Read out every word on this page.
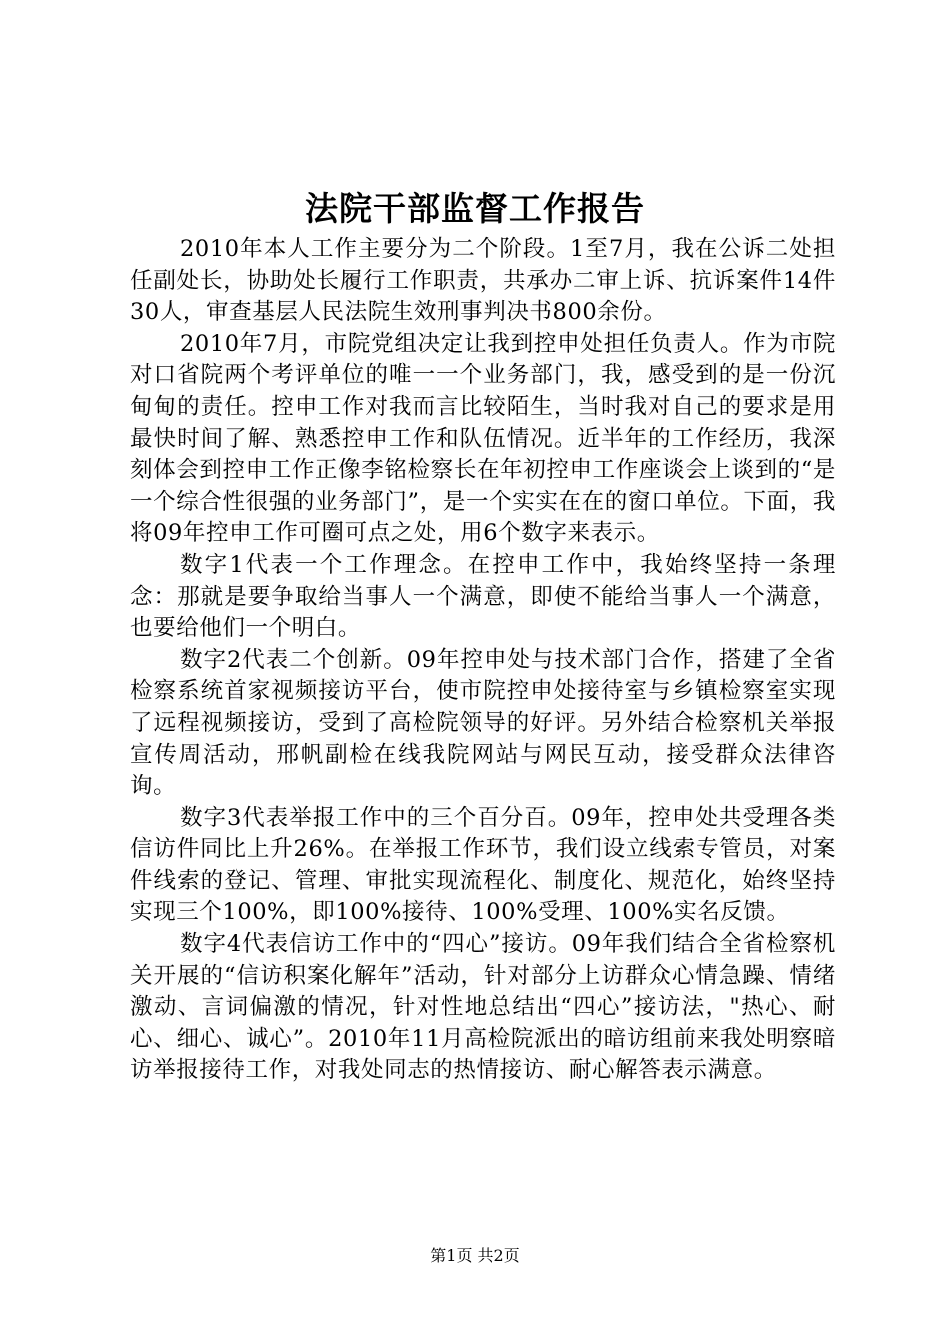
法院干部监督工作报告

2010年本人工作主要分为二个阶段。1至7月，我在公诉二处担任副处长，协助处长履行工作职责，共承办二审上诉、抗诉案件14件30人，审查基层人民法院生效刑事判决书800余份。

2010年7月，市院党组决定让我到控申处担任负责人。作为市院对口省院两个考评单位的唯一一个业务部门，我，感受到的是一份沉甸甸的责任。控申工作对我而言比较陌生，当时我对自己的要求是用最快时间了解、熟悉控申工作和队伍情况。近半年的工作经历，我深刻体会到控申工作正像李铭检察长在年初控申工作座谈会上谈到的“是一个综合性很强的业务部门”，是一个实实在在的窗口单位。下面，我将09年控申工作可圈可点之处，用6个数字来表示。

数字1代表一个工作理念。在控申工作中，我始终坚持一条理念：那就是要争取给当事人一个满意，即使不能给当事人一个满意，也要给他们一个明白。

数字2代表二个创新。09年控申处与技术部门合作，搭建了全省检察系统首家视频接访平台，使市院控申处接待室与乡镇检察室实现了远程视频接访，受到了高检院领导的好评。另外结合检察机关举报宣传周活动，邢帆副检在线我院网站与网民互动，接受群众法律咨询。

数字3代表举报工作中的三个百分百。09年，控申处共受理各类信访件同比上升26%。在举报工作环节，我们设立线索专管员，对案件线索的登记、管理、审批实现流程化、制度化、规范化，始终坚持实现三个100%，即100%接待、100%受理、100%实名反馈。

数字4代表信访工作中的“四心”接访。09年我们结合全省检察机关开展的“信访积案化解年”活动，针对部分上访群众心情急躁、情绪激动、言词偏激的情况，针对性地总结出“四心”接访法，"热心、耐心、细心、诚心”。2010年11月高检院派出的暗访组前来我处明察暗访举报接待工作，对我处同志的热情接访、耐心解答表示满意。

第1页 共2页
